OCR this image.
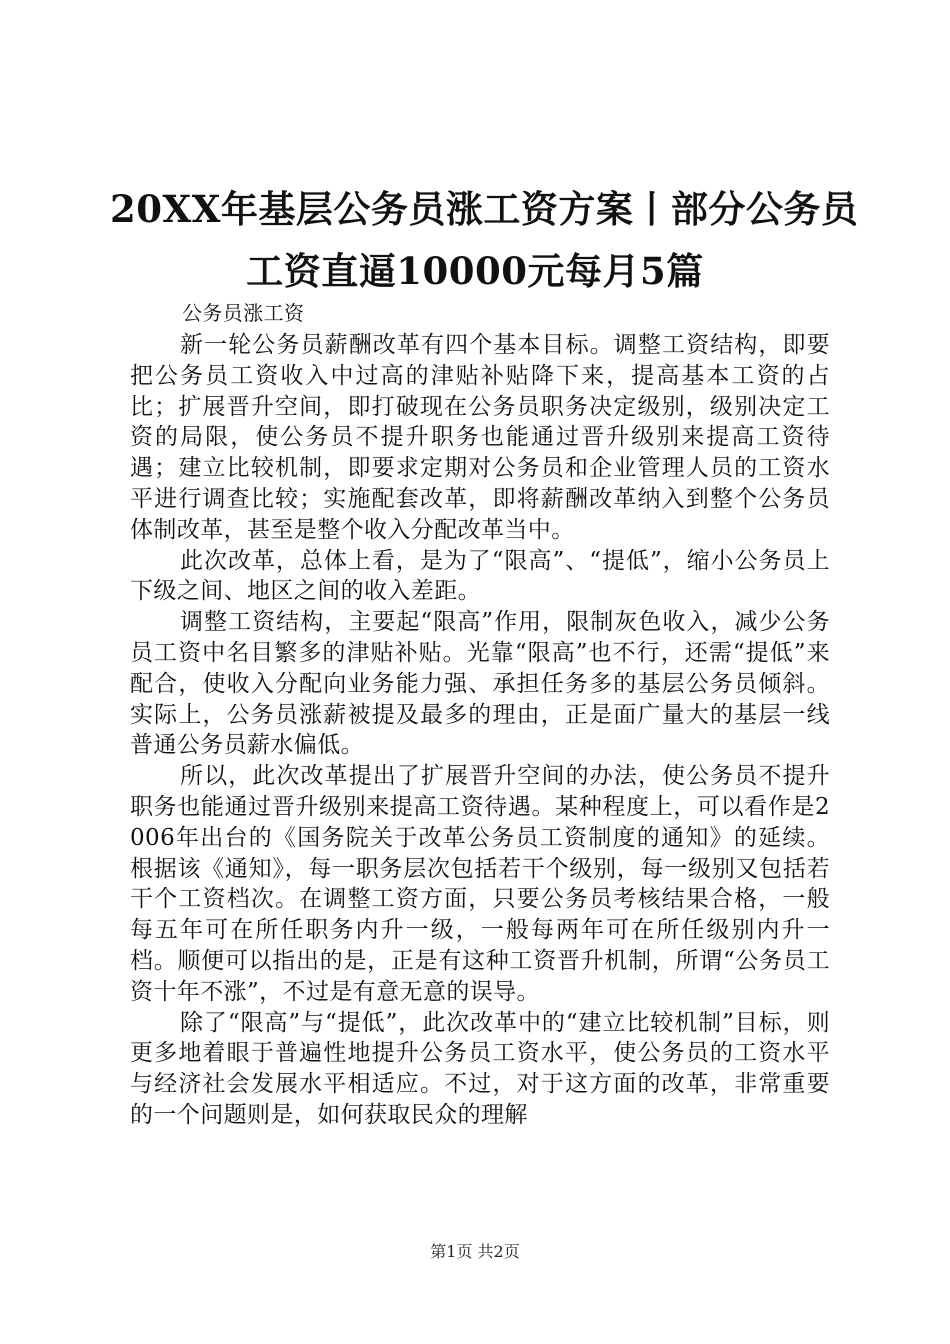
20XX年基层公务员涨工资方案丨部分公务员
工资直逼10000元每月5篇

公务员涨工资

新一轮公务员薪酬改革有四个基本目标。调整工资结构，即要把公务员工资收入中过高的津贴补贴降下来，提高基本工资的占比；扩展晋升空间，即打破现在公务员职务决定级别，级别决定工资的局限，使公务员不提升职务也能通过晋升级别来提高工资待遇；建立比较机制，即要求定期对公务员和企业管理人员的工资水平进行调查比较；实施配套改革，即将薪酬改革纳入到整个公务员体制改革，甚至是整个收入分配改革当中。

此次改革，总体上看，是为了“限高”、“提低”，缩小公务员上下级之间、地区之间的收入差距。

调整工资结构，主要起“限高”作用，限制灰色收入，减少公务员工资中名目繁多的津贴补贴。光靠“限高”也不行，还需“提低”来配合，使收入分配向业务能力强、承担任务多的基层公务员倾斜。实际上，公务员涨薪被提及最多的理由，正是面广量大的基层一线普通公务员薪水偏低。

所以，此次改革提出了扩展晋升空间的办法，使公务员不提升职务也能通过晋升级别来提高工资待遇。某种程度上，可以看作是2006年出台的《国务院关于改革公务员工资制度的通知》的延续。根据该《通知》，每一职务层次包括若干个级别，每一级别又包括若干个工资档次。在调整工资方面，只要公务员考核结果合格，一般每五年可在所任职务内升一级，一般每两年可在所任级别内升一档。顺便可以指出的是，正是有这种工资晋升机制，所谓“公务员工资十年不涨”，不过是有意无意的误导。

除了“限高”与“提低”，此次改革中的“建立比较机制”目标，则更多地着眼于普遍性地提升公务员工资水平，使公务员的工资水平与经济社会发展水平相适应。不过，对于这方面的改革，非常重要的一个问题则是，如何获取民众的理解

第1页 共2页
